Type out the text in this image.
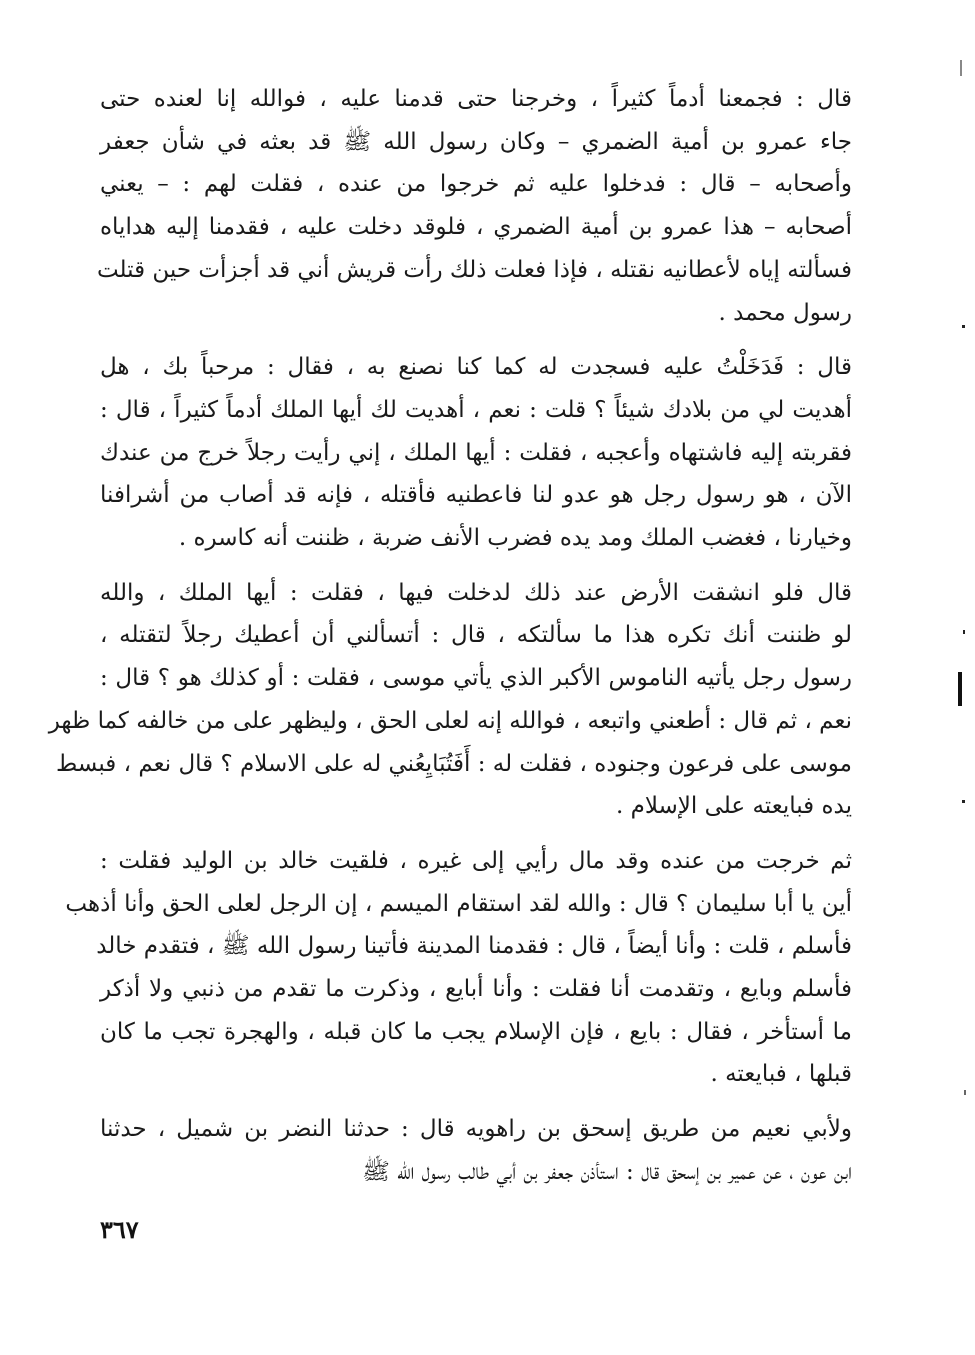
قال : فجمعنا أدماً كثيراً ، وخرجنا حتى قدمنا عليه ، فوالله إنا لعنده حتى
جاء عمرو بن أمية الضمري – وكان رسول الله ﷺ قد بعثه في شأن جعفر
وأصحابه – قال : فدخلوا عليه ثم خرجوا من عنده ، فقلت لهم : – يعني
أصحابه – هذا عمرو بن أمية الضمري ، فلوقد دخلت عليه ، فقدمنا إليه هداياه
فسألته إياه لأعطانيه نقتله ، فإذا فعلت ذلك رأت قريش أني قد أجزأت حين قتلت
رسول محمد .

قال : فَدَخَلْتُ عليه فسجدت له كما كنا نصنع به ، فقال : مرحباً بك ، هل
أهديت لي من بلادك شيئاً ؟ قلت : نعم ، أهديت لك أيها الملك أدماً كثيراً ، قال :
فقربته إليه فاشتهاه وأعجبه ، فقلت : أيها الملك ، إني رأيت رجلاً خرج من عندك
الآن ، هو رسول رجل هو عدو لنا فاعطنيه فأقتله ، فإنه قد أصاب من أشرافنا
وخيارنا ، فغضب الملك ومد يده فضرب الأنف ضربة ، ظننت أنه كاسره .

قال فلو انشقت الأرض عند ذلك لدخلت فيها ، فقلت : أيها الملك ، والله
لو ظننت أنك تكره هذا ما سألتكه ، قال : أتسألني أن أعطيك رجلاً لتقتله ،
رسول رجل يأتيه الناموس الأكبر الذي يأتي موسى ، فقلت : أو كذلك هو ؟ قال :
نعم ، ثم قال : أطعني واتبعه ، فوالله إنه لعلى الحق ، وليظهر على من خالفه كما ظهر
موسى على فرعون وجنوده ، فقلت له : أَفَتُبَايِعُني له على الاسلام ؟ قال نعم ، فبسط
يده فبايعته على الإسلام .

ثم خرجت من عنده وقد مال رأيي إلى غيره ، فلقيت خالد بن الوليد فقلت :
أين يا أبا سليمان ؟ قال : والله لقد استقام الميسم ، إن الرجل لعلى الحق وأنا أذهب
فأسلم ، قلت : وأنا أيضاً ، قال : فقدمنا المدينة فأتينا رسول الله ﷺ ، فتقدم خالد
فأسلم وبايع ، وتقدمت أنا فقلت : وأنا أبايع ، وذكرت ما تقدم من ذنبي ولا أذكر
ما أستأخر ، فقال : بايع ، فإن الإسلام يجب ما كان قبله ، والهجرة تجب ما كان
قبلها ، فبايعته .

ولأبي نعيم من طريق إسحق بن راهويه قال : حدثنا النضر بن شميل ، حدثنا
ابن عون ، عن عمير بن إسحق قال : استأذن جعفر بن أبي طالب رسول الله ﷺ

٣٦٧
